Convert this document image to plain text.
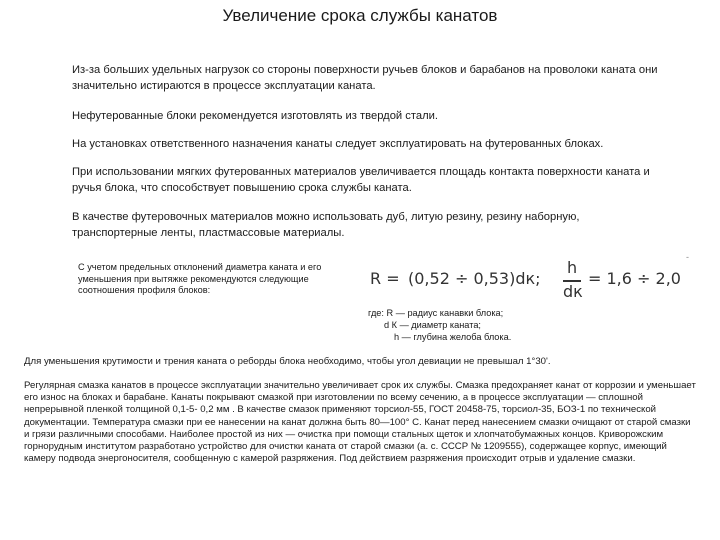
Увеличение срока службы канатов
Из-за больших удельных нагрузок со стороны поверхности ручьев блоков и барабанов на проволоки каната они значительно истираются в процессе эксплуатации каната.
Нефутерованные блоки рекомендуется изготовлять из твердой стали.
На установках ответственного назначения канаты следует эксплуатировать на футерованных блоках.
При использовании мягких футерованных материалов увеличивается площадь контакта поверхности каната и ручья блока, что способствует повышению срока службы каната.
В качестве футеровочных материалов можно использовать дуб, литую резину, резину наборную, транспортерные ленты, пластмассовые материалы.
-
С учетом предельных отклонений диаметра каната и его уменьшения при вытяжке рекомендуются следующие соотношения профиля блоков:
R = (0,52 ÷ 0,53)dк;
h
dк
= 1,6 ÷ 2,0
где: R — радиус канавки блока;
d К — диаметр каната;
h — глубина желоба блока.
Для уменьшения крутимости и трения каната о реборды блока необходимо, чтобы угол девиации не превышал 1°30'.
Регулярная смазка канатов в процессе эксплуатации значительно увеличивает срок их службы. Смазка предохраняет канат от коррозии и уменьшает его износ на блоках и барабане. Канаты покрывают смазкой при изготовлении по всему сечению, а в процессе эксплуатации — сплошной непрерывной пленкой толщиной 0,1-5- 0,2 мм . В качестве смазок применяют торсиол-55, ГОСТ 20458-75, торсиол-35, БОЗ-1 по технической документации. Температура смазки при ее нанесении на канат должна быть 80—100° С. Канат перед нанесением смазки очищают от старой смазки и грязи различными способами. Наиболее простой из них — очистка при помощи стальных щеток и хлопчатобумажных концов. Криворожским горнорудным институтом разработано устройство для очистки каната от старой смазки (а. с. СССР № 1209555), содержащее корпус, имеющий камеру подвода энергоносителя, сообщенную с камерой разряжения. Под действием разряжения происходит отрыв и удаление смазки.
